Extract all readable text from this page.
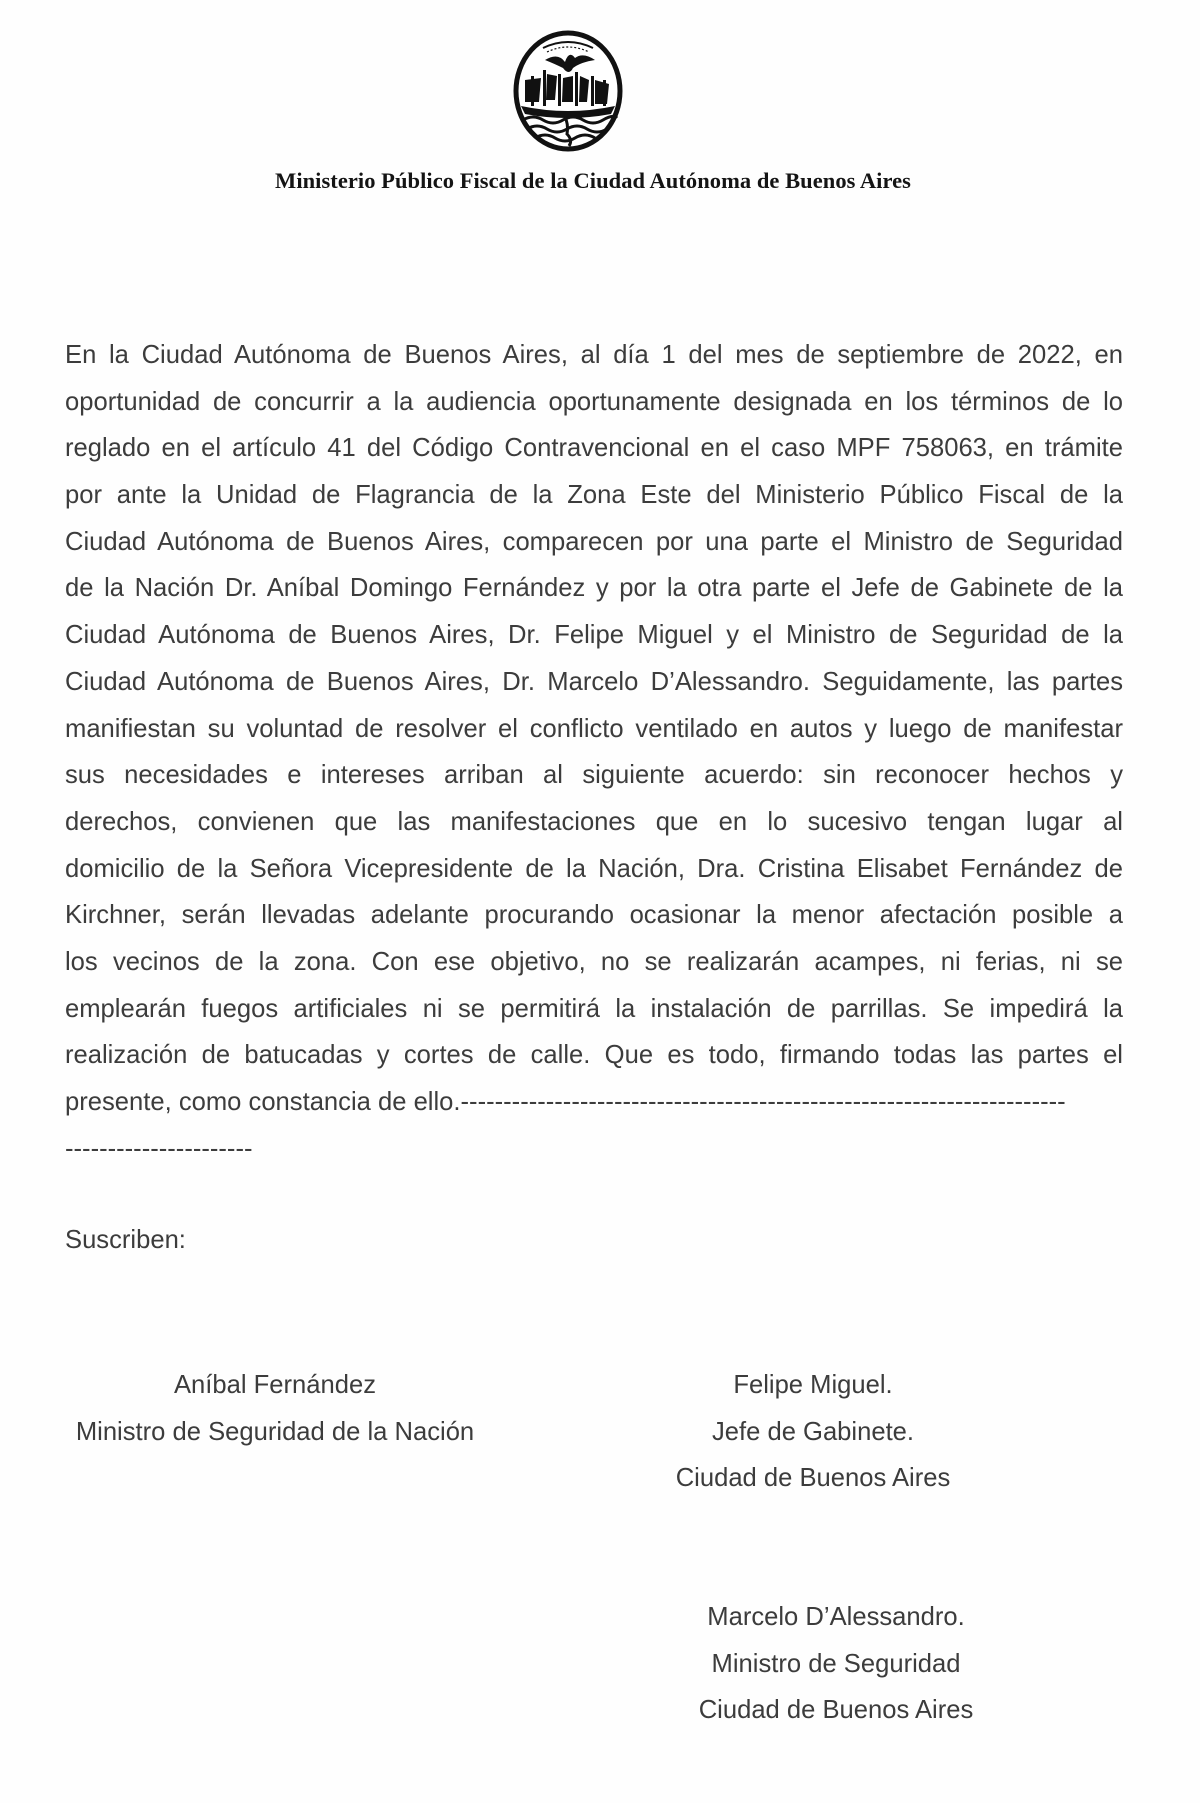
Ministerio Público Fiscal de la Ciudad Autónoma de Buenos Aires
En la Ciudad Autónoma de Buenos Aires, al día 1 del mes de septiembre de 2022, en
oportunidad de concurrir a la audiencia oportunamente designada en los términos de lo
reglado en el artículo 41 del Código Contravencional en el caso MPF 758063, en trámite
por ante la Unidad de Flagrancia de la Zona Este del Ministerio Público Fiscal de la
Ciudad Autónoma de Buenos Aires, comparecen por una parte el Ministro de Seguridad
de la Nación Dr. Aníbal Domingo Fernández y por la otra parte el Jefe de Gabinete de la
Ciudad Autónoma de Buenos Aires, Dr. Felipe Miguel y el Ministro de Seguridad de la
Ciudad Autónoma de Buenos Aires, Dr. Marcelo D’Alessandro. Seguidamente, las partes
manifiestan su voluntad de resolver el conflicto ventilado en autos y luego de manifestar
sus necesidades e intereses arriban al siguiente acuerdo: sin reconocer hechos y
derechos, convienen que las manifestaciones que en lo sucesivo tengan lugar al
domicilio de la Señora Vicepresidente de la Nación, Dra. Cristina Elisabet Fernández de
Kirchner, serán llevadas adelante procurando ocasionar la menor afectación posible a
los vecinos de la zona. Con ese objetivo, no se realizarán acampes, ni ferias, ni se
emplearán fuegos artificiales ni se permitirá la instalación de parrillas. Se impedirá la
realización de batucadas y cortes de calle. Que es todo, firmando todas las partes el
presente, como constancia de ello.-----------------------------------------------------------------------
----------------------
Suscriben:
Aníbal Fernández
Ministro de Seguridad de la Nación
Felipe Miguel.
Jefe de Gabinete.
Ciudad de Buenos Aires
Marcelo D’Alessandro.
Ministro de Seguridad
Ciudad de Buenos Aires
